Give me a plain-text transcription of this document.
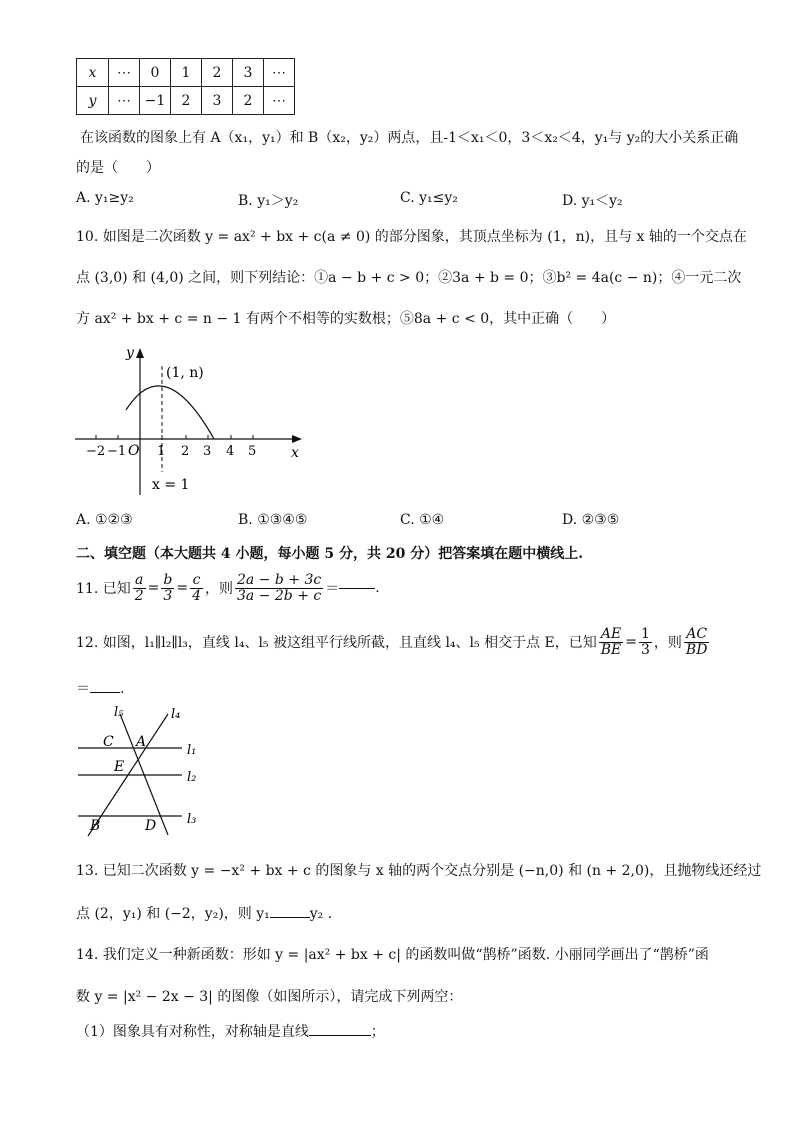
x	⋯	0	1	2	3	⋯
y	⋯	−1	2	3	2	⋯
在该函数的图象上有 A（x₁，y₁）和 B（x₂，y₂）两点，且-1＜x₁＜0，3＜x₂＜4，y₁与 y₂的大小关系正确
的是（　　）
A. y₁≥y₂	B. y₁＞y₂	C. y₁≤y₂	D. y₁＜y₂
10. 如图是二次函数 y = ax² + bx + c(a ≠ 0) 的部分图象，其顶点坐标为 (1，n)，且与 x 轴的一个交点在
点 (3,0) 和 (4,0) 之间，则下列结论：①a − b + c > 0；②3a + b = 0；③b² = 4a(c − n)；④一元二次
方 ax² + bx + c = n − 1 有两个不相等的实数根；⑤8a + c < 0，其中正确（　　）
y
x
O
(1, n)
x = 1
−2 −1 1 2 3 4 5
A. ①②③	B. ①③④⑤	C. ①④	D. ②③⑤
二、填空题（本大题共 4 小题，每小题 5 分，共 20 分）把答案填在题中横线上.
11. 已知 $\frac{a}{2} = \frac{b}{3} = \frac{c}{4}$ ，则 $\frac{2a - b + 3c}{3a - 2b + c}$ ＝	.
12. 如图，l₁∥l₂∥l₃，直线 l₄、l₅ 被这组平行线所截，且直线 l₄、l₅ 相交于点 E，已知 $\frac{AE}{BE} = \frac{1}{3}$ ，则 $\frac{AC}{BD}$
＝ .
l₅	l₄
l₁
l₂
l₃
C A
E
B	D
13. 已知二次函数 y = −x² + bx + c 的图象与 x 轴的两个交点分别是 (−n,0) 和 (n + 2,0)，且抛物线还经过
点 (2，y₁) 和 (−2，y₂)，则 y₁	y₂ .
14. 我们定义一种新函数：形如 y = |ax² + bx + c| 的函数叫做“鹊桥”函数. 小丽同学画出了“鹊桥”函
数 y = |x² − 2x − 3| 的图像（如图所示），请完成下列两空：
（1）图象具有对称性，对称轴是直线	；
